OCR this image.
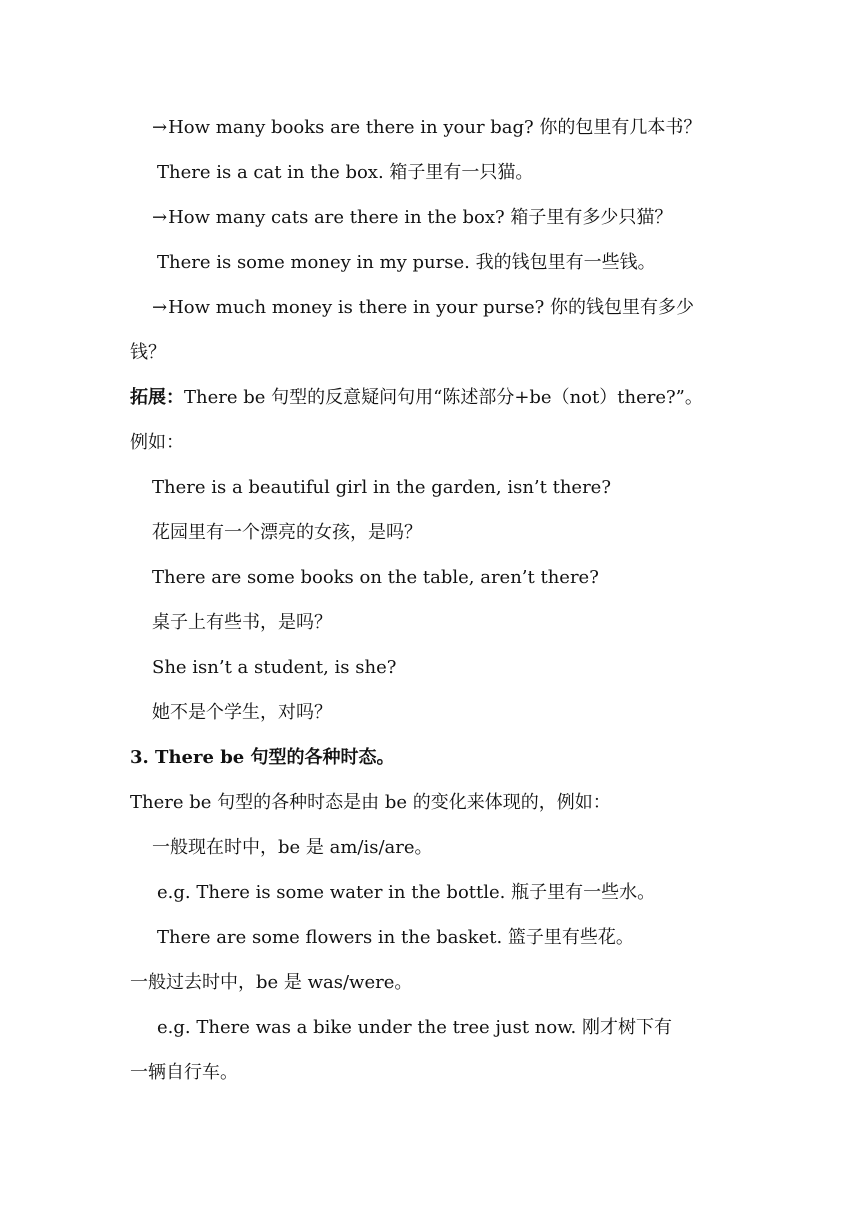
→How many books are there in your bag? 你的包里有几本书？
There is a cat in the box. 箱子里有一只猫。
→How many cats are there in the box? 箱子里有多少只猫？
There is some money in my purse. 我的钱包里有一些钱。
→How much money is there in your purse? 你的钱包里有多少
钱？
拓展：There be 句型的反意疑问句用“陈述部分+be（not）there?”。
例如：
There is a beautiful girl in the garden, isn’t there?
花园里有一个漂亮的女孩，是吗？
There are some books on the table, aren’t there?
桌子上有些书，是吗？
She isn’t a student, is she?
她不是个学生，对吗？
3. There be 句型的各种时态。
There be 句型的各种时态是由 be 的变化来体现的，例如：
一般现在时中，be 是 am/is/are。
e.g. There is some water in the bottle. 瓶子里有一些水。
There are some flowers in the basket. 篮子里有些花。
一般过去时中，be 是 was/were。
e.g. There was a bike under the tree just now. 刚才树下有
一辆自行车。
